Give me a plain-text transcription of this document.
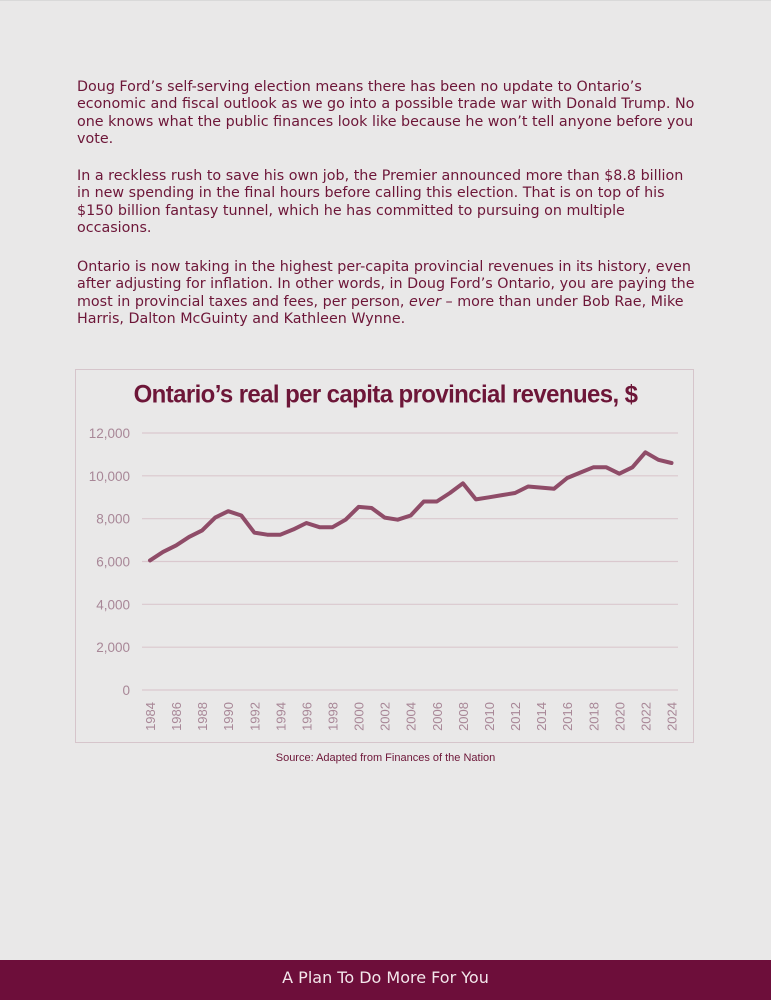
Doug Ford’s self-serving election means there has been no update to Ontario’s economic and fiscal outlook as we go into a possible trade war with Donald Trump. No one knows what the public finances look like because he won’t tell anyone before you vote.

In a reckless rush to save his own job, the Premier announced more than $8.8 billion in new spending in the final hours before calling this election. That is on top of his $150 billion fantasy tunnel, which he has committed to pursuing on multiple occasions.

Ontario is now taking in the highest per-capita provincial revenues in its history, even after adjusting for inflation. In other words, in Doug Ford’s Ontario, you are paying the most in provincial taxes and fees, per person, ever – more than under Bob Rae, Mike Harris, Dalton McGuinty and Kathleen Wynne.

Ontario’s real per capita provincial revenues, $
0
2,000
4,000
6,000
8,000
10,000
12,000
1984 1986 1988 1990 1992 1994 1996 1998 2000 2002 2004 2006 2008 2010 2012 2014 2016 2018 2020 2022 2024
Source: Adapted from Finances of the Nation
A Plan To Do More For You
